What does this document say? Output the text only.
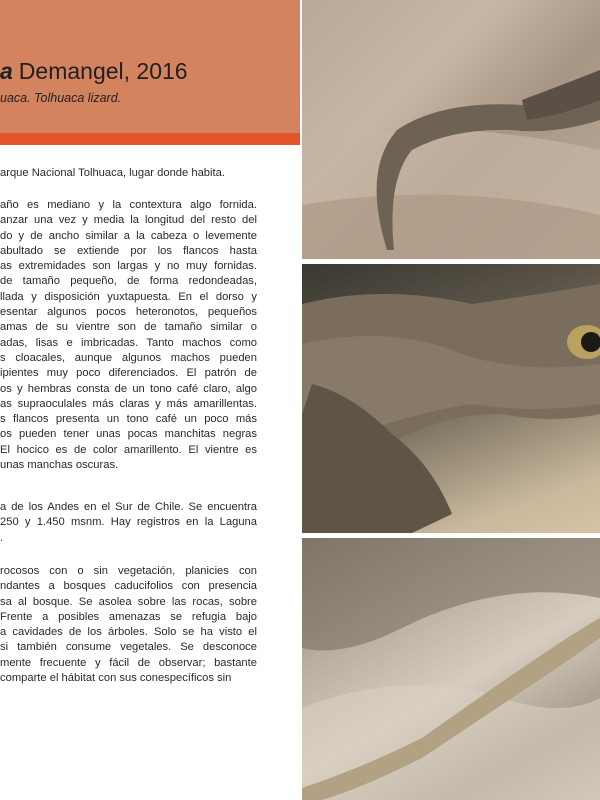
a Demangel, 2016
uaca. Tolhuaca lizard.
arque Nacional Tolhuaca, lugar donde habita.
año es mediano y la contextura algo fornida.
anzar una vez y media la longitud del resto del
do y de ancho similar a la cabeza o levemente
abultado se extiende por los flancos hasta
as extremidades son largas y no muy fornidas.
de tamaño pequeño, de forma redondeadas,
llada y disposición yuxtapuesta. En el dorso y
esentar algunos pocos heteronotos, pequeños
amas de su vientre son de tamaño similar o
adas, lisas e imbricadas. Tanto machos como
s cloacales, aunque algunos machos pueden
ipientes muy poco diferenciados. El patrón de
os y hembras consta de un tono café claro, algo
as supraoculales más claras y más amarillentas.
s flancos presenta un tono café un poco más
os pueden tener unas pocas manchitas negras
El hocico es de color amarillento. El vientre es
unas manchas oscuras.
a de los Andes en el Sur de Chile. Se encuentra
250 y 1.450 msnm. Hay registros en la Laguna
.
rocosos con o sin vegetación, planicies con
ndantes a bosques caducifolios con presencia
sa al bosque. Se asolea sobre las rocas, sobre
Frente a posibles amenazas se refugia bajo
a cavidades de los árboles. Solo se ha visto el
si también consume vegetales. Se desconoce
mente frecuente y fácil de observar; bastante
comparte el hábitat con sus conespecíficos sin
